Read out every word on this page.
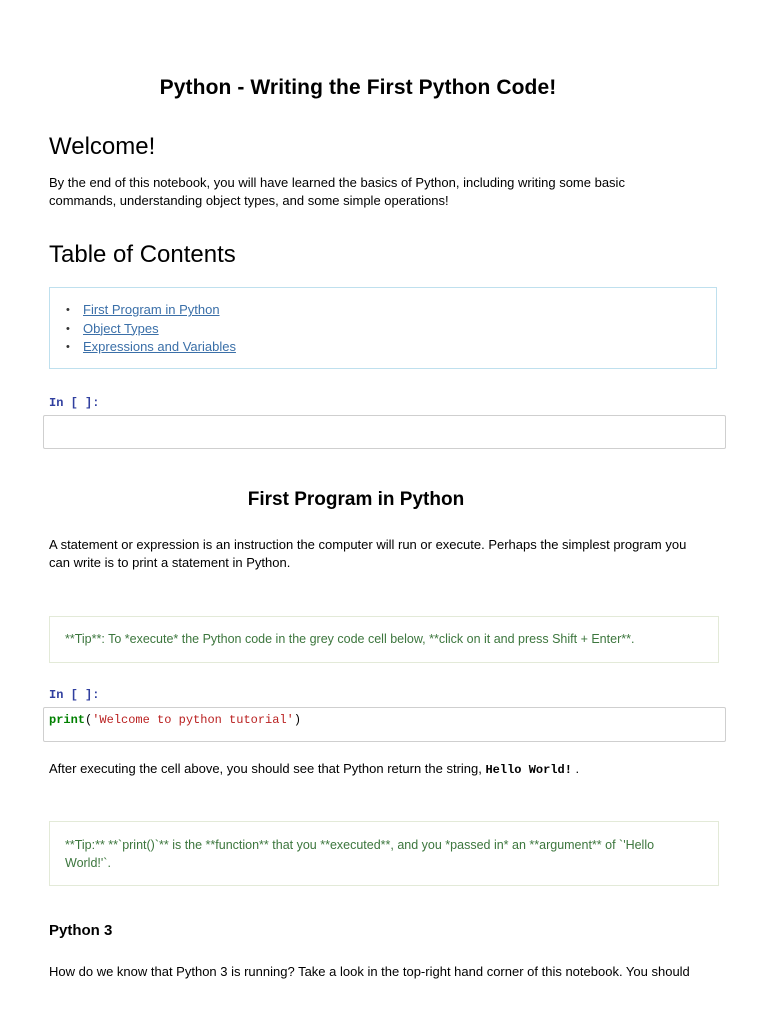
Python - Writing the First Python Code!
Welcome!
By the end of this notebook, you will have learned the basics of Python, including writing some basic
commands, understanding object types, and some simple operations!
Table of Contents
• First Program in Python
• Object Types
• Expressions and Variables
In [ ]:
First Program in Python
A statement or expression is an instruction the computer will run or execute. Perhaps the simplest program you
can write is to print a statement in Python.
**Tip**: To *execute* the Python code in the grey code cell below, **click on it and press Shift + Enter**.
In [ ]:
print('Welcome to python tutorial')
After executing the cell above, you should see that Python return the string, Hello World! .
**Tip:** **`print()`** is the **function** that you **executed**, and you *passed in* an **argument** of `'Hello
World!'`.
Python 3
How do we know that Python 3 is running? Take a look in the top-right hand corner of this notebook. You should
